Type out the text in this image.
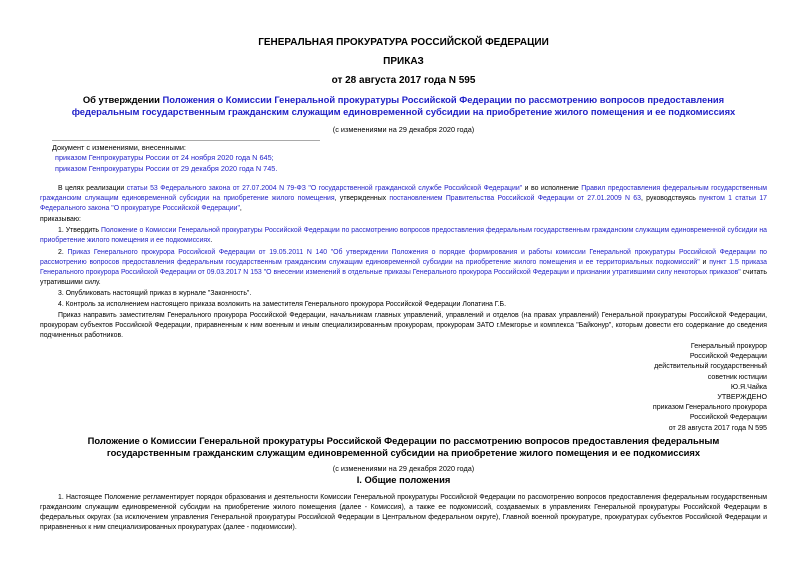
ГЕНЕРАЛЬНАЯ ПРОКУРАТУРА РОССИЙСКОЙ ФЕДЕРАЦИИ
ПРИКАЗ
от 28 августа 2017 года N 595
Об утверждении Положения о Комиссии Генеральной прокуратуры Российской Федерации по рассмотрению вопросов предоставления федеральным государственным гражданским служащим единовременной субсидии на приобретение жилого помещения и ее подкомиссиях
(с изменениями на 29 декабря 2020 года)
Документ с изменениями, внесенными:
приказом Генпрокуратуры России от 24 ноября 2020 года N 645;
приказом Генпрокуратуры России от 29 декабря 2020 года N 745.
В целях реализации статьи 53 Федерального закона от 27.07.2004 N 79-ФЗ "О государственной гражданской службе Российской Федерации" и во исполнение Правил предоставления федеральным государственным гражданским служащим единовременной субсидии на приобретение жилого помещения, утвержденных постановлением Правительства Российской Федерации от 27.01.2009 N 63, руководствуясь пунктом 1 статьи 17 Федерального закона "О прокуратуре Российской Федерации",
приказываю:
1. Утвердить Положение о Комиссии Генеральной прокуратуры Российской Федерации по рассмотрению вопросов предоставления федеральным государственным гражданским служащим единовременной субсидии на приобретение жилого помещения и ее подкомиссиях.
2. Приказ Генерального прокурора Российской Федерации от 19.05.2011 N 140 "Об утверждении Положения о порядке формирования и работы комиссии Генеральной прокуратуры Российской Федерации по рассмотрению вопросов предоставления федеральным государственным гражданским служащим единовременной субсидии на приобретение жилого помещения и ее территориальных подкомиссий" и пункт 1.5 приказа Генерального прокурора Российской Федерации от 09.03.2017 N 153 "О внесении изменений в отдельные приказы Генерального прокурора Российской Федерации и признании утратившими силу некоторых приказов" считать утратившими силу.
3. Опубликовать настоящий приказ в журнале "Законность".
4. Контроль за исполнением настоящего приказа возложить на заместителя Генерального прокурора Российской Федерации Лопатина Г.Б.
Приказ направить заместителям Генерального прокурора Российской Федерации, начальникам главных управлений, управлений и отделов (на правах управлений) Генеральной прокуратуры Российской Федерации, прокурорам субъектов Российской Федерации, приравненным к ним военным и иным специализированным прокурорам, прокурорам ЗАТО г.Межгорье и комплекса "Байконур", которым довести его содержание до сведения подчиненных работников.
Генеральный прокурор
Российской Федерации
действительный государственный
советник юстиции
Ю.Я.Чайка
УТВЕРЖДЕНО
приказом Генерального прокурора
Российской Федерации
от 28 августа 2017 года N 595
Положение о Комиссии Генеральной прокуратуры Российской Федерации по рассмотрению вопросов предоставления федеральным государственным гражданским служащим единовременной субсидии на приобретение жилого помещения и ее подкомиссиях
(с изменениями на 29 декабря 2020 года)
I. Общие положения
1. Настоящее Положение регламентирует порядок образования и деятельности Комиссии Генеральной прокуратуры Российской Федерации по рассмотрению вопросов предоставления федеральным государственным гражданским служащим единовременной субсидии на приобретение жилого помещения (далее - Комиссия), а также ее подкомиссий, создаваемых в управлениях Генеральной прокуратуры Российской Федерации в федеральных округах (за исключением управления Генеральной прокуратуры Российской Федерации в Центральном федеральном округе), Главной военной прокуратуре, прокуратурах субъектов Российской Федерации и приравненных к ним специализированных прокуратурах (далее - подкомиссии).
